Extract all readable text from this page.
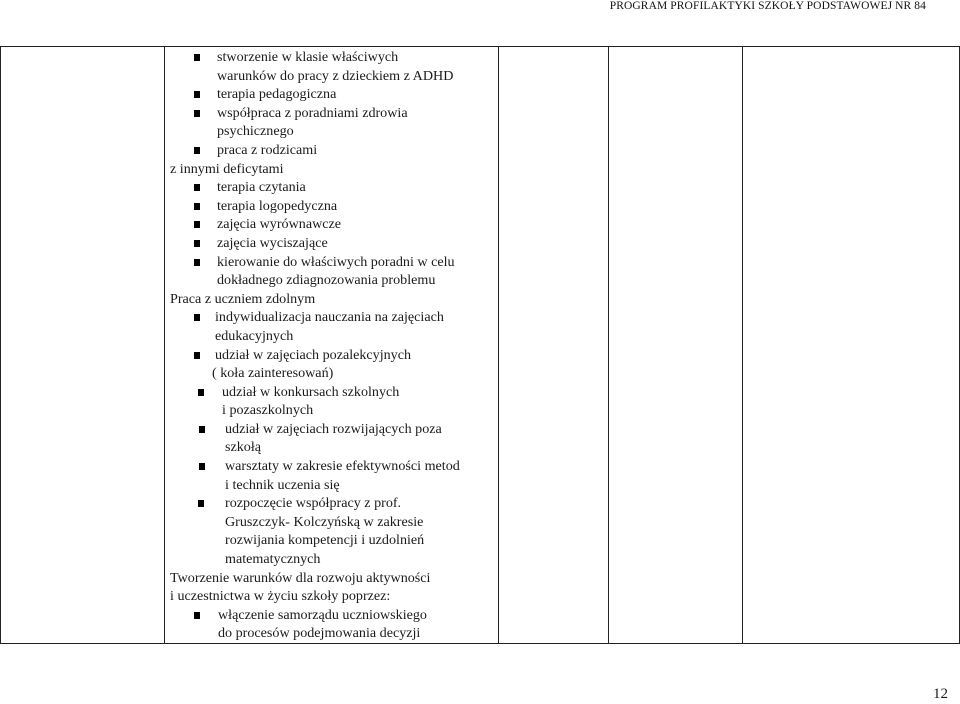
PROGRAM PROFILAKTYKI SZKOŁY PODSTAWOWEJ NR 84
stworzenie w klasie właściwych
warunków do pracy z dzieckiem z ADHD
terapia pedagogiczna
współpraca z poradniami zdrowia
psychicznego
praca z rodzicami
z innymi deficytami
terapia czytania
terapia logopedyczna
zajęcia wyrównawcze
zajęcia wyciszające
kierowanie do właściwych poradni w celu
dokładnego zdiagnozowania problemu
Praca z uczniem zdolnym
indywidualizacja nauczania na zajęciach
edukacyjnych
udział w zajęciach pozalekcyjnych
( koła zainteresowań)
udział w konkursach szkolnych
i pozaszkolnych
udział w zajęciach rozwijających poza
szkołą
warsztaty w zakresie efektywności metod
i technik uczenia się
rozpoczęcie współpracy z prof.
Gruszczyk- Kolczyńską w zakresie
rozwijania kompetencji i uzdolnień
matematycznych
Tworzenie warunków dla rozwoju aktywności
i uczestnictwa w życiu szkoły poprzez:
włączenie samorządu uczniowskiego
do procesów podejmowania decyzji
12
